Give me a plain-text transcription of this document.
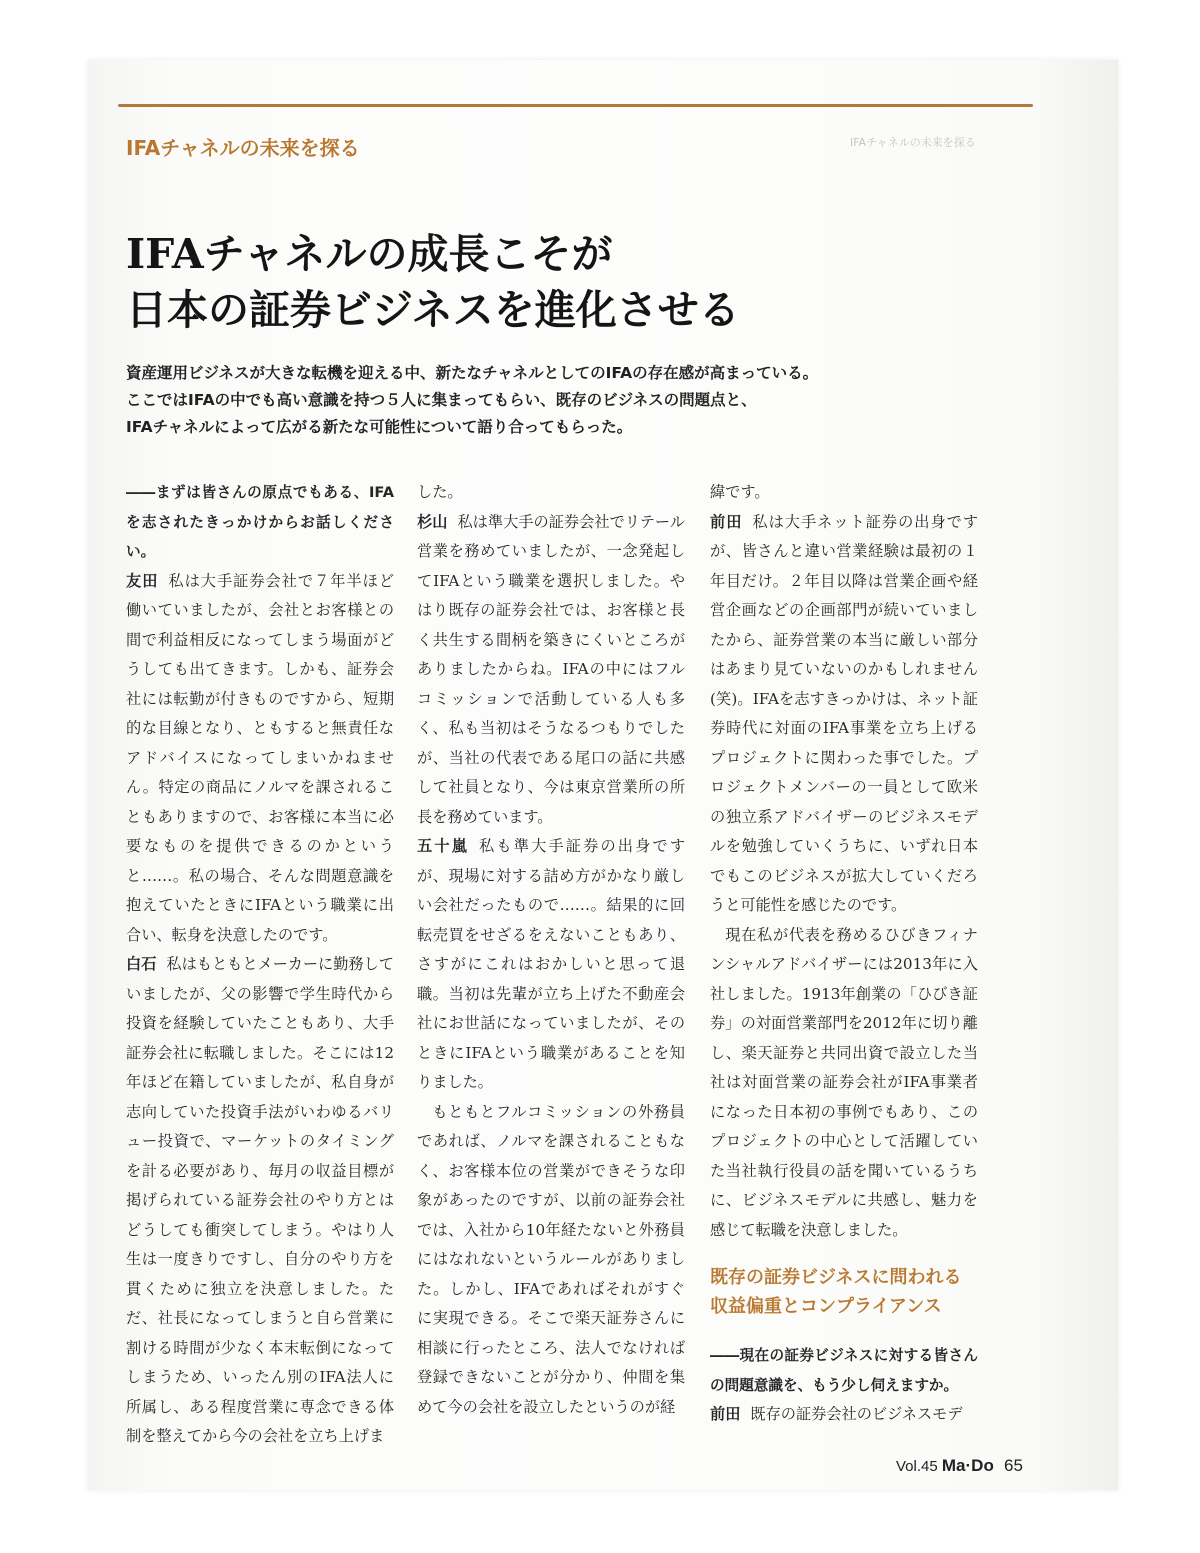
IFAチャネルの未来を探る	IFAチャネルの未来を探る
IFAチャネルの成長こそが
日本の証券ビジネスを進化させる
資産運用ビジネスが大きな転機を迎える中、新たなチャネルとしてのIFAの存在感が高まっている。
ここではIFAの中でも高い意識を持つ５人に集まってもらい、既存のビジネスの問題点と、
IFAチャネルによって広がる新たな可能性について語り合ってもらった。

――まずは皆さんの原点でもある、IFAを志されたきっかけからお話しください。

友田 私は大手証券会社で７年半ほど働いていましたが、会社とお客様との間で利益相反になってしまう場面がどうしても出てきます。しかも、証券会社には転勤が付きものですから、短期的な目線となり、ともすると無責任なアドバイスになってしまいかねません。特定の商品にノルマを課されることもありますので、お客様に本当に必要なものを提供できるのかというと……。私の場合、そんな問題意識を抱えていたときにIFAという職業に出合い、転身を決意したのです。

白石 私はもともとメーカーに勤務していましたが、父の影響で学生時代から投資を経験していたこともあり、大手証券会社に転職しました。そこには12年ほど在籍していましたが、私自身が志向していた投資手法がいわゆるバリュー投資で、マーケットのタイミングを計る必要があり、毎月の収益目標が掲げられている証券会社のやり方とはどうしても衝突してしまう。やはり人生は一度きりですし、自分のやり方を貫くために独立を決意しました。ただ、社長になってしまうと自ら営業に割ける時間が少なく本末転倒になってしまうため、いったん別のIFA法人に所属し、ある程度営業に専念できる体制を整えてから今の会社を立ち上げま

した。

杉山 私は準大手の証券会社でリテール営業を務めていましたが、一念発起してIFAという職業を選択しました。やはり既存の証券会社では、お客様と長く共生する間柄を築きにくいところがありましたからね。IFAの中にはフルコミッションで活動している人も多く、私も当初はそうなるつもりでしたが、当社の代表である尾口の話に共感して社員となり、今は東京営業所の所長を務めています。

五十嵐 私も準大手証券の出身ですが、現場に対する詰め方がかなり厳しい会社だったもので……。結果的に回転売買をせざるをえないこともあり、さすがにこれはおかしいと思って退職。当初は先輩が立ち上げた不動産会社にお世話になっていましたが、そのときにIFAという職業があることを知りました。

もともとフルコミッションの外務員であれば、ノルマを課されることもなく、お客様本位の営業ができそうな印象があったのですが、以前の証券会社では、入社から10年経たないと外務員にはなれないというルールがありました。しかし、IFAであればそれがすぐに実現できる。そこで楽天証券さんに相談に行ったところ、法人でなければ登録できないことが分かり、仲間を集めて今の会社を設立したというのが経

緯です。

前田 私は大手ネット証券の出身ですが、皆さんと違い営業経験は最初の１年目だけ。２年目以降は営業企画や経営企画などの企画部門が続いていましたから、証券営業の本当に厳しい部分はあまり見ていないのかもしれません(笑)。IFAを志すきっかけは、ネット証券時代に対面のIFA事業を立ち上げるプロジェクトに関わった事でした。プロジェクトメンバーの一員として欧米の独立系アドバイザーのビジネスモデルを勉強していくうちに、いずれ日本でもこのビジネスが拡大していくだろうと可能性を感じたのです。

現在私が代表を務めるひびきフィナンシャルアドバイザーには2013年に入社しました。1913年創業の「ひびき証券」の対面営業部門を2012年に切り離し、楽天証券と共同出資で設立した当社は対面営業の証券会社がIFA事業者になった日本初の事例でもあり、このプロジェクトの中心として活躍していた当社執行役員の話を聞いているうちに、ビジネスモデルに共感し、魅力を感じて転職を決意しました。

既存の証券ビジネスに問われる
収益偏重とコンプライアンス

――現在の証券ビジネスに対する皆さんの問題意識を、もう少し伺えますか。

前田 既存の証券会社のビジネスモデ

Vol.45 Ma·Do 65
